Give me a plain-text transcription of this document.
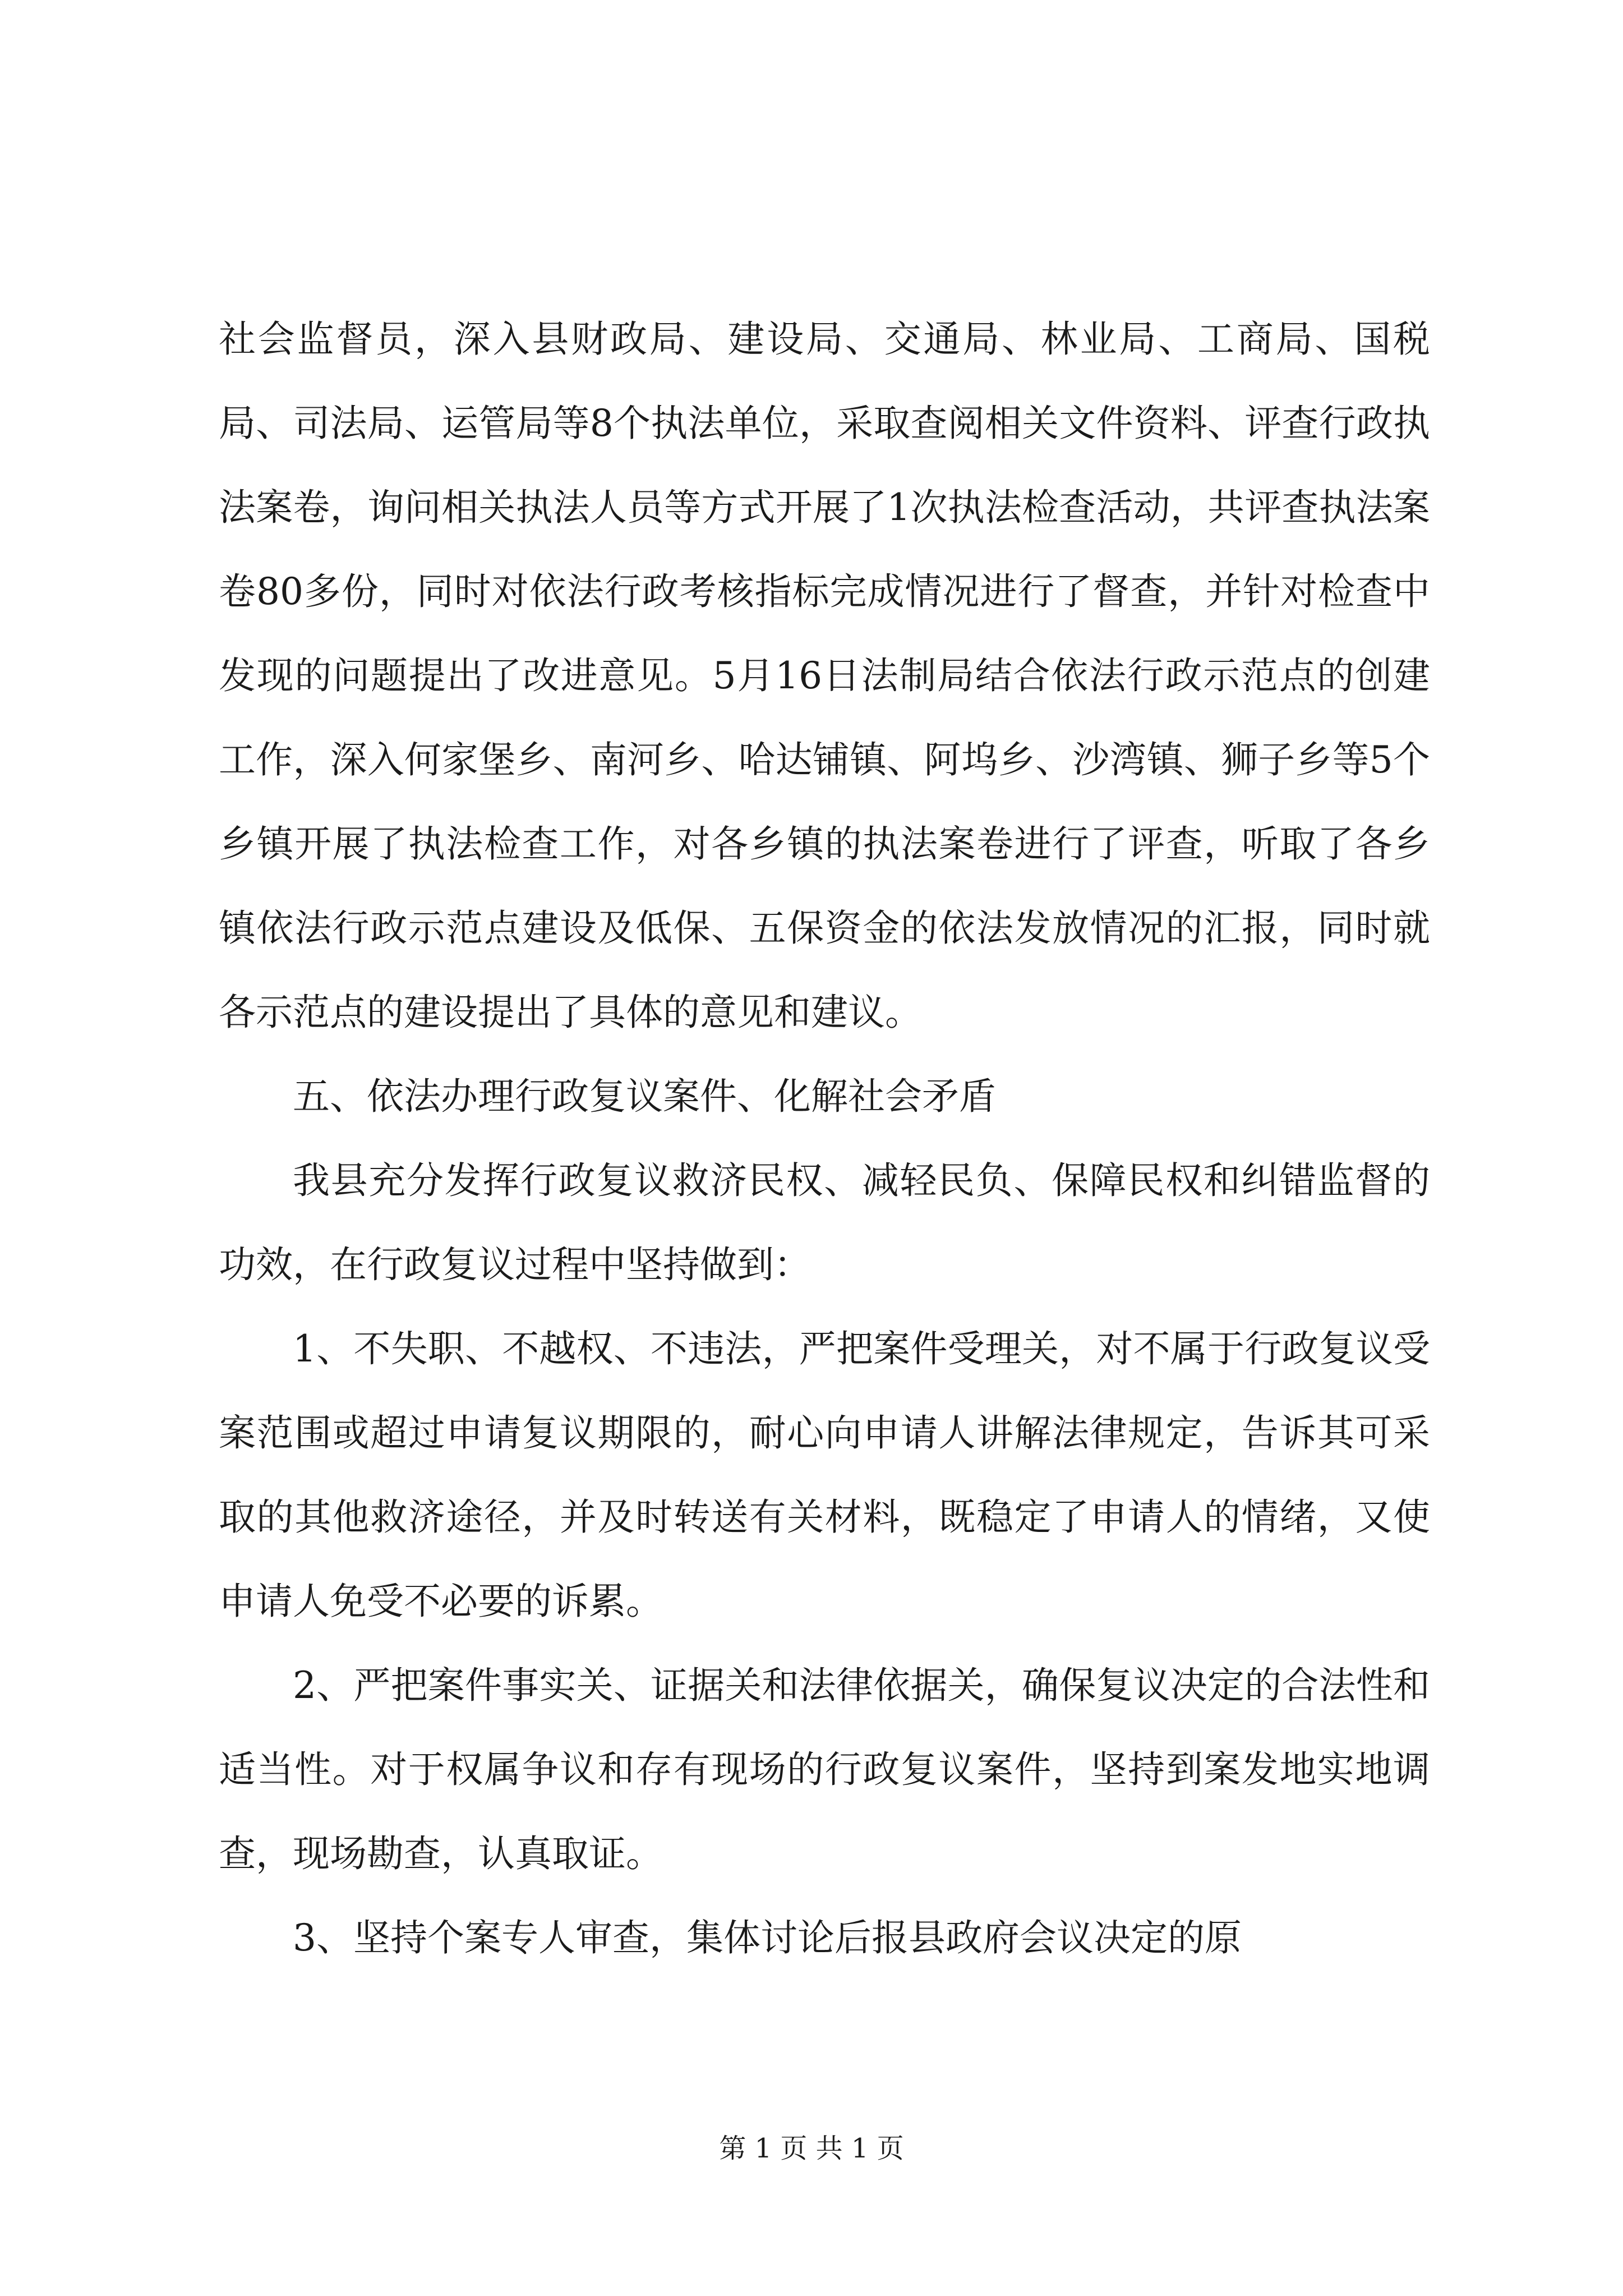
社会监督员，深入县财政局、建设局、交通局、林业局、工商局、国税局、司法局、运管局等8个执法单位，采取查阅相关文件资料、评查行政执法案卷，询问相关执法人员等方式开展了1次执法检查活动，共评查执法案卷80多份，同时对依法行政考核指标完成情况进行了督查，并针对检查中发现的问题提出了改进意见。5月16日法制局结合依法行政示范点的创建工作，深入何家堡乡、南河乡、哈达铺镇、阿坞乡、沙湾镇、狮子乡等5个乡镇开展了执法检查工作，对各乡镇的执法案卷进行了评查，听取了各乡镇依法行政示范点建设及低保、五保资金的依法发放情况的汇报，同时就各示范点的建设提出了具体的意见和建议。

五、依法办理行政复议案件、化解社会矛盾

我县充分发挥行政复议救济民权、减轻民负、保障民权和纠错监督的功效，在行政复议过程中坚持做到：

1、不失职、不越权、不违法，严把案件受理关，对不属于行政复议受案范围或超过申请复议期限的，耐心向申请人讲解法律规定，告诉其可采取的其他救济途径，并及时转送有关材料，既稳定了申请人的情绪，又使申请人免受不必要的诉累。

2、严把案件事实关、证据关和法律依据关，确保复议决定的合法性和适当性。对于权属争议和存有现场的行政复议案件，坚持到案发地实地调查，现场勘查，认真取证。

3、坚持个案专人审查，集体讨论后报县政府会议决定的原

第 1 页 共 1 页
